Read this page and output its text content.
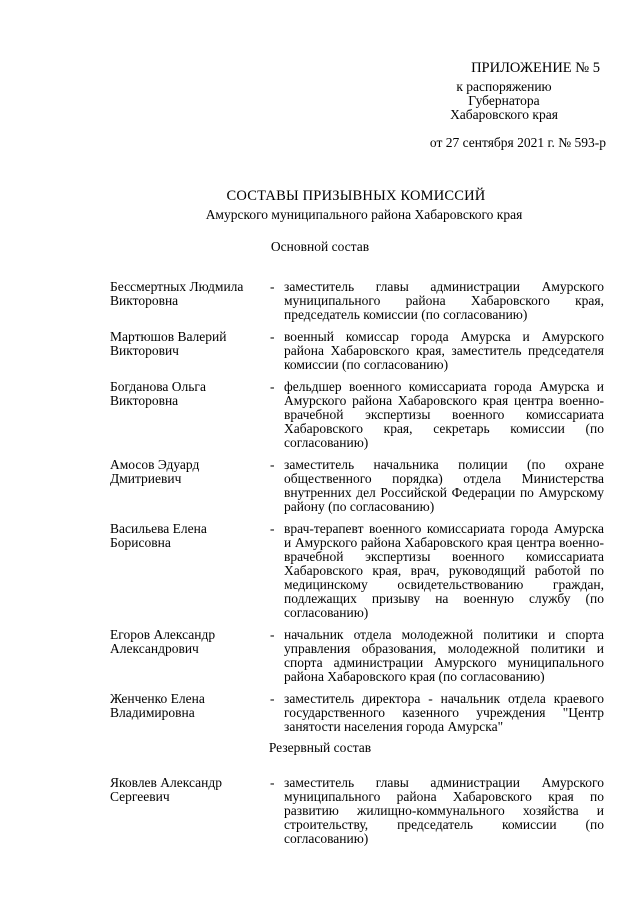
ПРИЛОЖЕНИЕ № 5
к распоряжению
Губернатора
Хабаровского края
от 27 сентября 2021 г. № 593-р
СОСТАВЫ ПРИЗЫВНЫХ КОМИССИЙ
Амурского муниципального района Хабаровского края
Основной состав
Бессмертных Людмила
Викторовна
- заместитель главы администрации Амурского муниципального района Хабаровского края, председатель комиссии (по согласованию)
Мартюшов Валерий
Викторович
- военный комиссар города Амурска и Амурского района Хабаровского края, заместитель председателя комиссии (по согласованию)
Богданова Ольга
Викторовна
- фельдшер военного комиссариата города Амурска и Амурского района Хабаровского края центра военно-врачебной экспертизы военного комиссариата Хабаровского края, секретарь комиссии (по согласованию)
Амосов Эдуард
Дмитриевич
- заместитель начальника полиции (по охране общественного порядка) отдела Министерства внутренних дел Российской Федерации по Амурскому району (по согласованию)
Васильева Елена
Борисовна
- врач-терапевт военного комиссариата города Амурска и Амурского района Хабаровского края центра военно-врачебной экспертизы военного комиссариата Хабаровского края, врач, руководящий работой по медицинскому освидетельствованию граждан, подлежащих призыву на военную службу (по согласованию)
Егоров Александр
Александрович
- начальник отдела молодежной политики и спорта управления образования, молодежной политики и спорта администрации Амурского муниципального района Хабаровского края (по согласованию)
Женченко Елена
Владимировна
- заместитель директора - начальник отдела краевого государственного казенного учреждения "Центр занятости населения города Амурска"
Резервный состав
Яковлев Александр
Сергеевич
- заместитель главы администрации Амурского муниципального района Хабаровского края по развитию жилищно-коммунального хозяйства и строительству, председатель комиссии (по согласованию)
